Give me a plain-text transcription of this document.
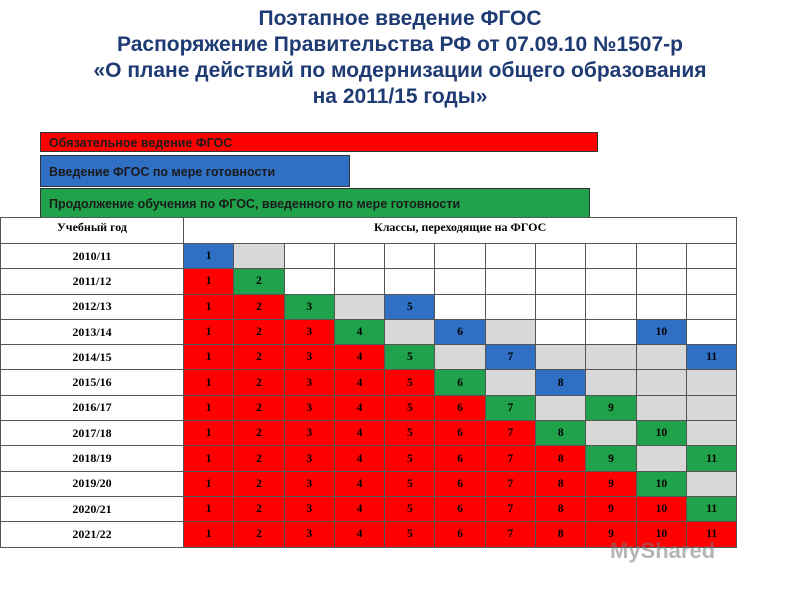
Поэтапное введение ФГОС
Распоряжение Правительства РФ от 07.09.10 №1507-р
«О плане действий по модернизации общего образования
на 2011/15 годы»
Обязательное ведение ФГОС
Введение ФГОС по мере готовности
Продолжение обучения по ФГОС, введенного по мере готовности
Учебный год	Классы, переходящие на ФГОС										
2010/11	1										
2011/12	1	2									
2012/13	1	2	3		5						
2013/14	1	2	3	4		6				10	
2014/15	1	2	3	4	5		7				11
2015/16	1	2	3	4	5	6		8			
2016/17	1	2	3	4	5	6	7		9		
2017/18	1	2	3	4	5	6	7	8		10	
2018/19	1	2	3	4	5	6	7	8	9		11
2019/20	1	2	3	4	5	6	7	8	9	10	
2020/21	1	2	3	4	5	6	7	8	9	10	11
2021/22	1	2	3	4	5	6	7	8	9	10	11
MyShared
